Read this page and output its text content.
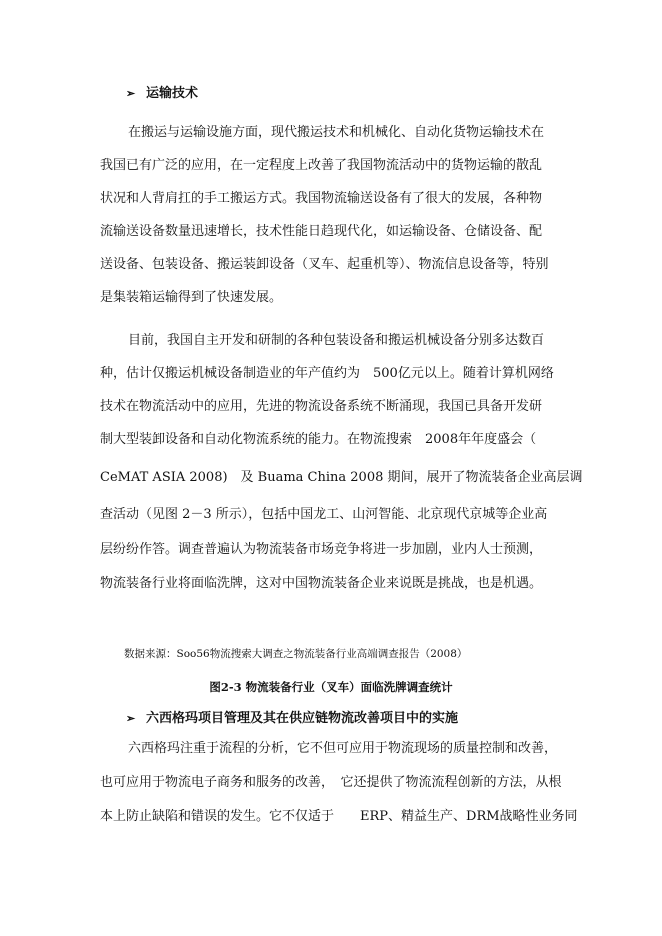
➢ 运输技术
在搬运与运输设施方面，现代搬运技术和机械化、自动化货物运输技术在
我国已有广泛的应用，在一定程度上改善了我国物流活动中的货物运输的散乱
状况和人背肩扛的手工搬运方式。我国物流输送设备有了很大的发展，各种物
流输送设备数量迅速增长，技术性能日趋现代化，如运输设备、仓储设备、配
送设备、包装设备、搬运装卸设备（叉车、起重机等）、物流信息设备等，特别
是集装箱运输得到了快速发展。
目前，我国自主开发和研制的各种包装设备和搬运机械设备分别多达数百
种，估计仅搬运机械设备制造业的年产值约为　500亿元以上。随着计算机网络
技术在物流活动中的应用，先进的物流设备系统不断涌现，我国已具备开发研
制大型装卸设备和自动化物流系统的能力。在物流搜索　2008年年度盛会（
CeMAT ASIA 2008)　及 Buama China 2008 期间，展开了物流装备企业高层调
查活动（见图 2－3 所示），包括中国龙工、山河智能、北京现代京城等企业高
层纷纷作答。调查普遍认为物流装备市场竞争将进一步加剧，业内人士预测，
物流装备行业将面临洗牌，这对中国物流装备企业来说既是挑战，也是机遇。
数据来源：Soo56物流搜索大调查之物流装备行业高端调查报告（2008）
图2-3 物流装备行业（叉车）面临洗牌调查统计
➢ 六西格玛项目管理及其在供应链物流改善项目中的实施
六西格玛注重于流程的分析，它不但可应用于物流现场的质量控制和改善，
也可应用于物流电子商务和服务的改善，　它还提供了物流流程创新的方法，从根
本上防止缺陷和错误的发生。它不仅适于　　ERP、精益生产、DRM战略性业务同
